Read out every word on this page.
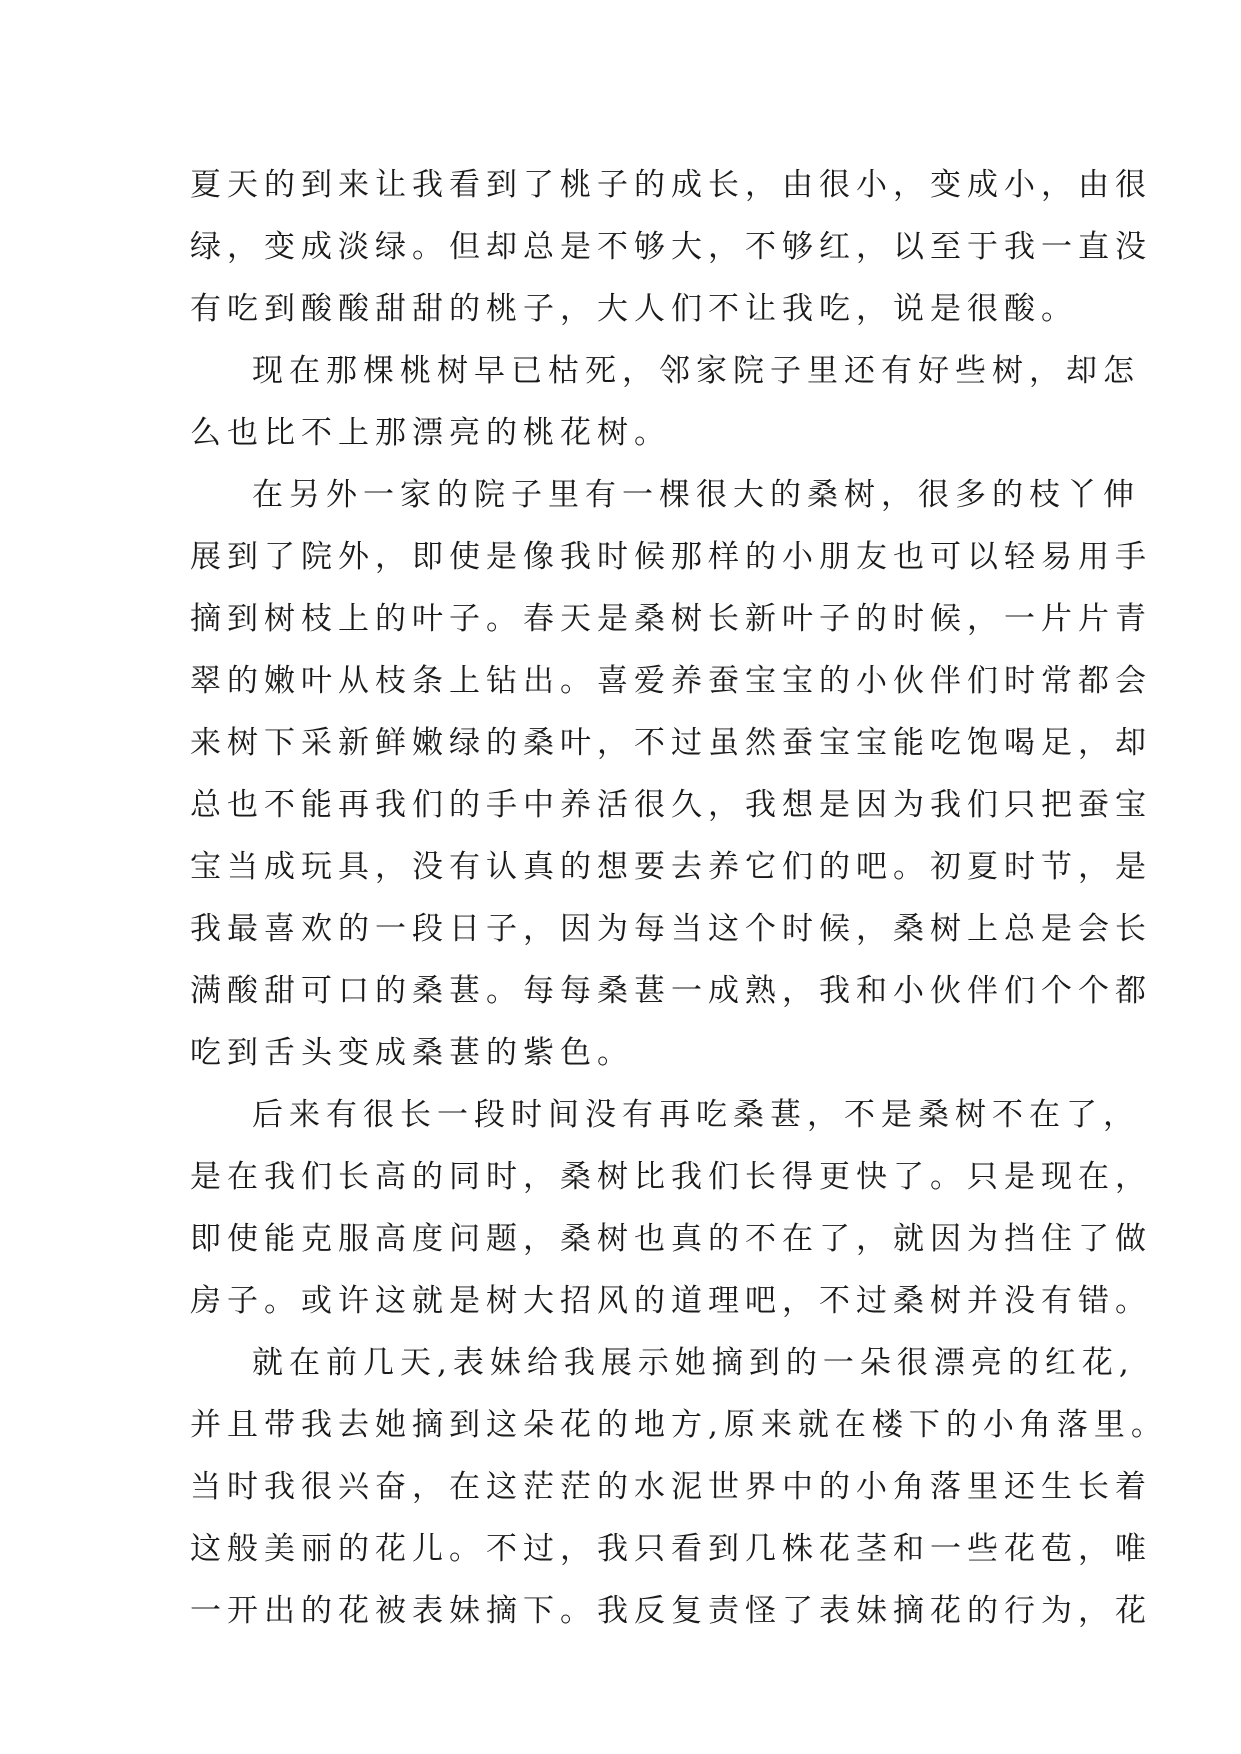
夏天的到来让我看到了桃子的成长，由很小，变成小，由很
绿，变成淡绿。但却总是不够大，不够红，以至于我一直没
有吃到酸酸甜甜的桃子，大人们不让我吃，说是很酸。
现在那棵桃树早已枯死，邻家院子里还有好些树，却怎
么也比不上那漂亮的桃花树。
在另外一家的院子里有一棵很大的桑树，很多的枝丫伸
展到了院外，即使是像我时候那样的小朋友也可以轻易用手
摘到树枝上的叶子。春天是桑树长新叶子的时候，一片片青
翠的嫩叶从枝条上钻出。喜爱养蚕宝宝的小伙伴们时常都会
来树下采新鲜嫩绿的桑叶，不过虽然蚕宝宝能吃饱喝足，却
总也不能再我们的手中养活很久，我想是因为我们只把蚕宝
宝当成玩具，没有认真的想要去养它们的吧。初夏时节，是
我最喜欢的一段日子，因为每当这个时候，桑树上总是会长
满酸甜可口的桑葚。每每桑葚一成熟，我和小伙伴们个个都
吃到舌头变成桑葚的紫色。
后来有很长一段时间没有再吃桑葚，不是桑树不在了，
是在我们长高的同时，桑树比我们长得更快了。只是现在，
即使能克服高度问题，桑树也真的不在了，就因为挡住了做
房子。或许这就是树大招风的道理吧，不过桑树并没有错。
就在前几天,表妹给我展示她摘到的一朵很漂亮的红花,
并且带我去她摘到这朵花的地方,原来就在楼下的小角落里。
当时我很兴奋，在这茫茫的水泥世界中的小角落里还生长着
这般美丽的花儿。不过，我只看到几株花茎和一些花苞，唯
一开出的花被表妹摘下。我反复责怪了表妹摘花的行为，花
